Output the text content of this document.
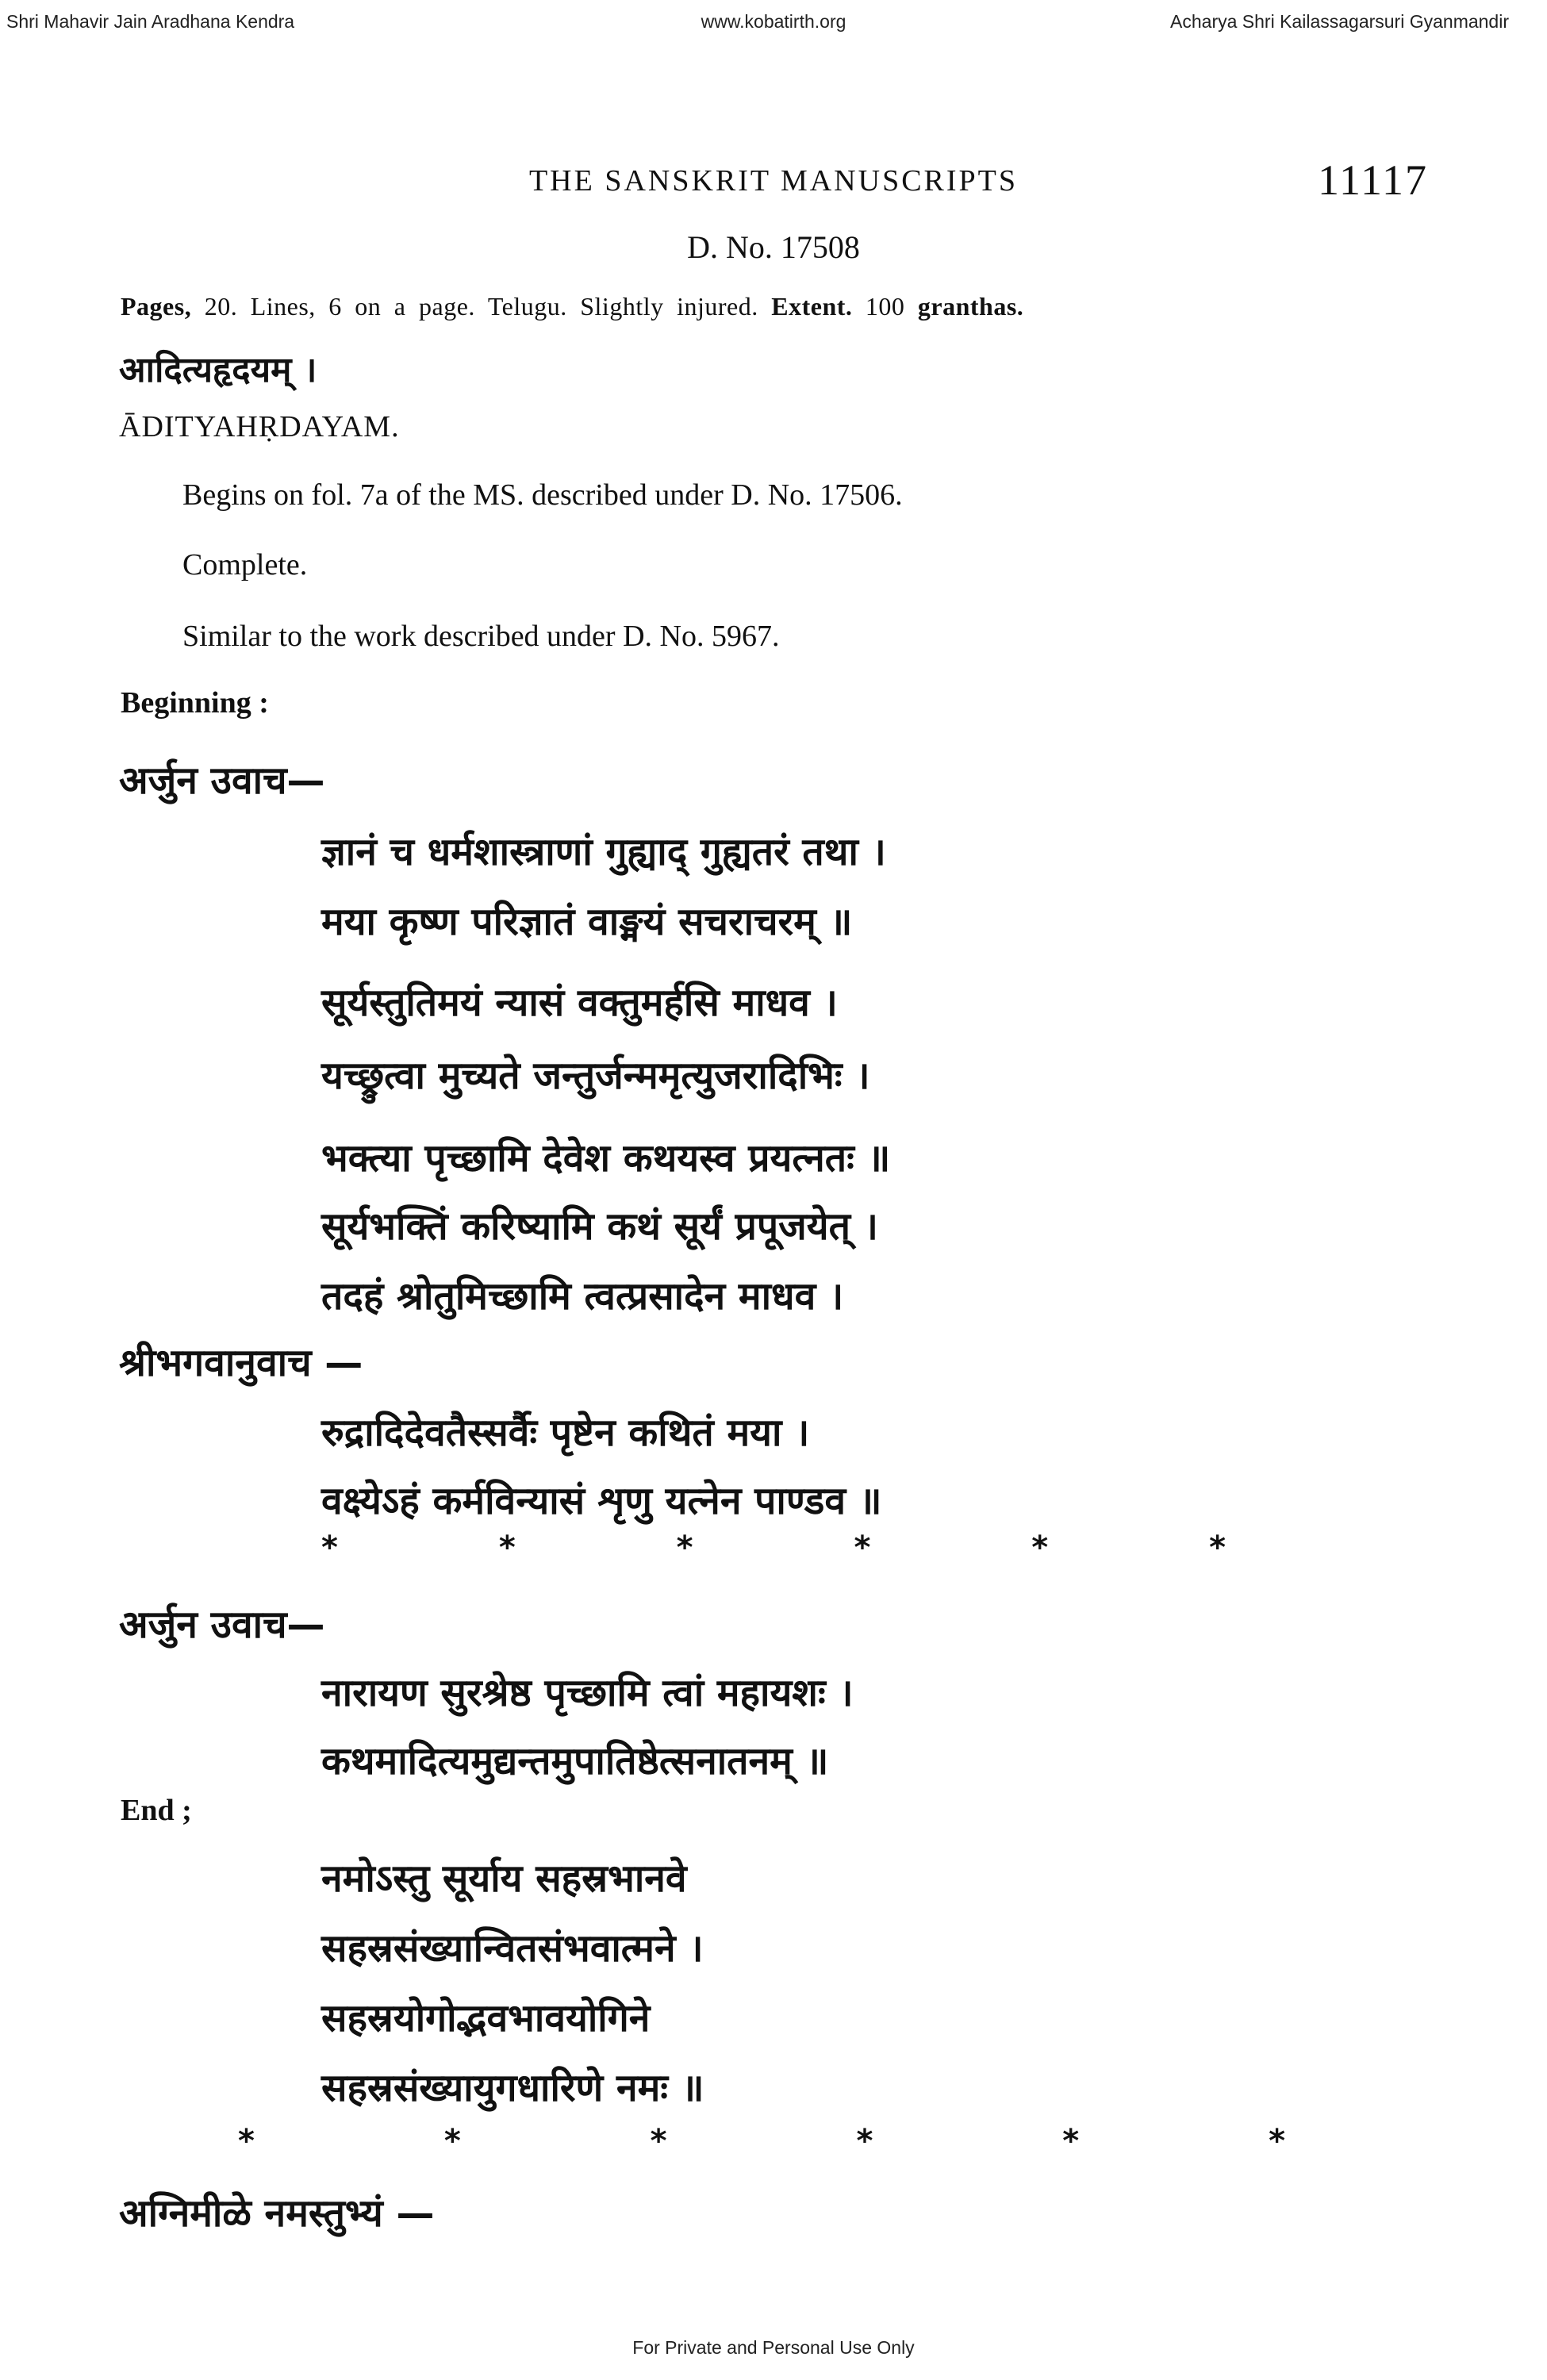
Shri Mahavir Jain Aradhana Kendra	www.kobatirth.org	Acharya Shri Kailassagarsuri Gyanmandir
THE SANSKRIT MANUSCRIPTS	11117
D. No. 17508
Pages, 20. Lines, 6 on a page. Telugu. Slightly injured. Extent. 100 granthas.
आदित्यहृदयम् ।
ĀDITYAHṚDAYAM.
Begins on fol. 7a of the MS. described under D. No. 17506.
Complete.
Similar to the work described under D. No. 5967.
Beginning :
अर्जुन उवाच—
ज्ञानं च धर्मशास्त्राणां गुह्याद् गुह्यतरं तथा ।
मया कृष्ण परिज्ञातं वाङ्मयं सचराचरम् ॥
सूर्यस्तुतिमयं न्यासं वक्तुमर्हसि माधव ।
यच्छ्रुत्वा मुच्यते जन्तुर्जन्ममृत्युजरादिभिः ।
भक्त्या पृच्छामि देवेश कथयस्व प्रयत्नतः ॥
सूर्यभक्तिं करिष्यामि कथं सूर्यं प्रपूजयेत् ।
तदहं श्रोतुमिच्छामि त्वत्प्रसादेन माधव ।
श्रीभगवानुवाच —
रुद्रादिदेवतैस्सर्वैः पृष्टेन कथितं मया ।
वक्ष्येऽहं कर्मविन्यासं शृणु यत्नेन पाण्डव ॥
*	*	*	*	*	*
अर्जुन उवाच—
नारायण सुरश्रेष्ठ पृच्छामि त्वां महायशः ।
कथमादित्यमुद्यन्तमुपातिष्ठेत्सनातनम् ॥
End ;
नमोऽस्तु सूर्याय सहस्रभानवे
सहस्रसंख्यान्वितसंभवात्मने ।
सहस्रयोगोद्भवभावयोगिने
सहस्रसंख्यायुगधारिणे नमः ॥
*	*	*	*	*	*
अग्निमीळे नमस्तुभ्यं —
For Private and Personal Use Only
